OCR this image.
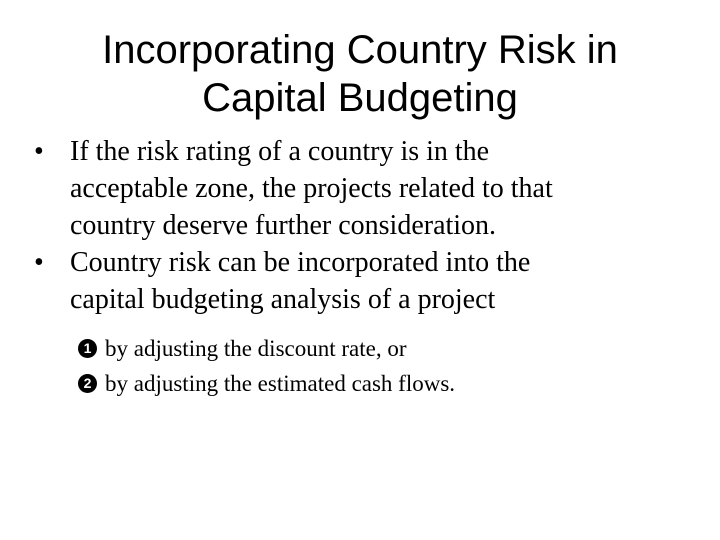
Incorporating Country Risk in
Capital Budgeting
• If the risk rating of a country is in the
acceptable zone, the projects related to that
country deserve further consideration.
• Country risk can be incorporated into the
capital budgeting analysis of a project
1 by adjusting the discount rate, or
2 by adjusting the estimated cash flows.
